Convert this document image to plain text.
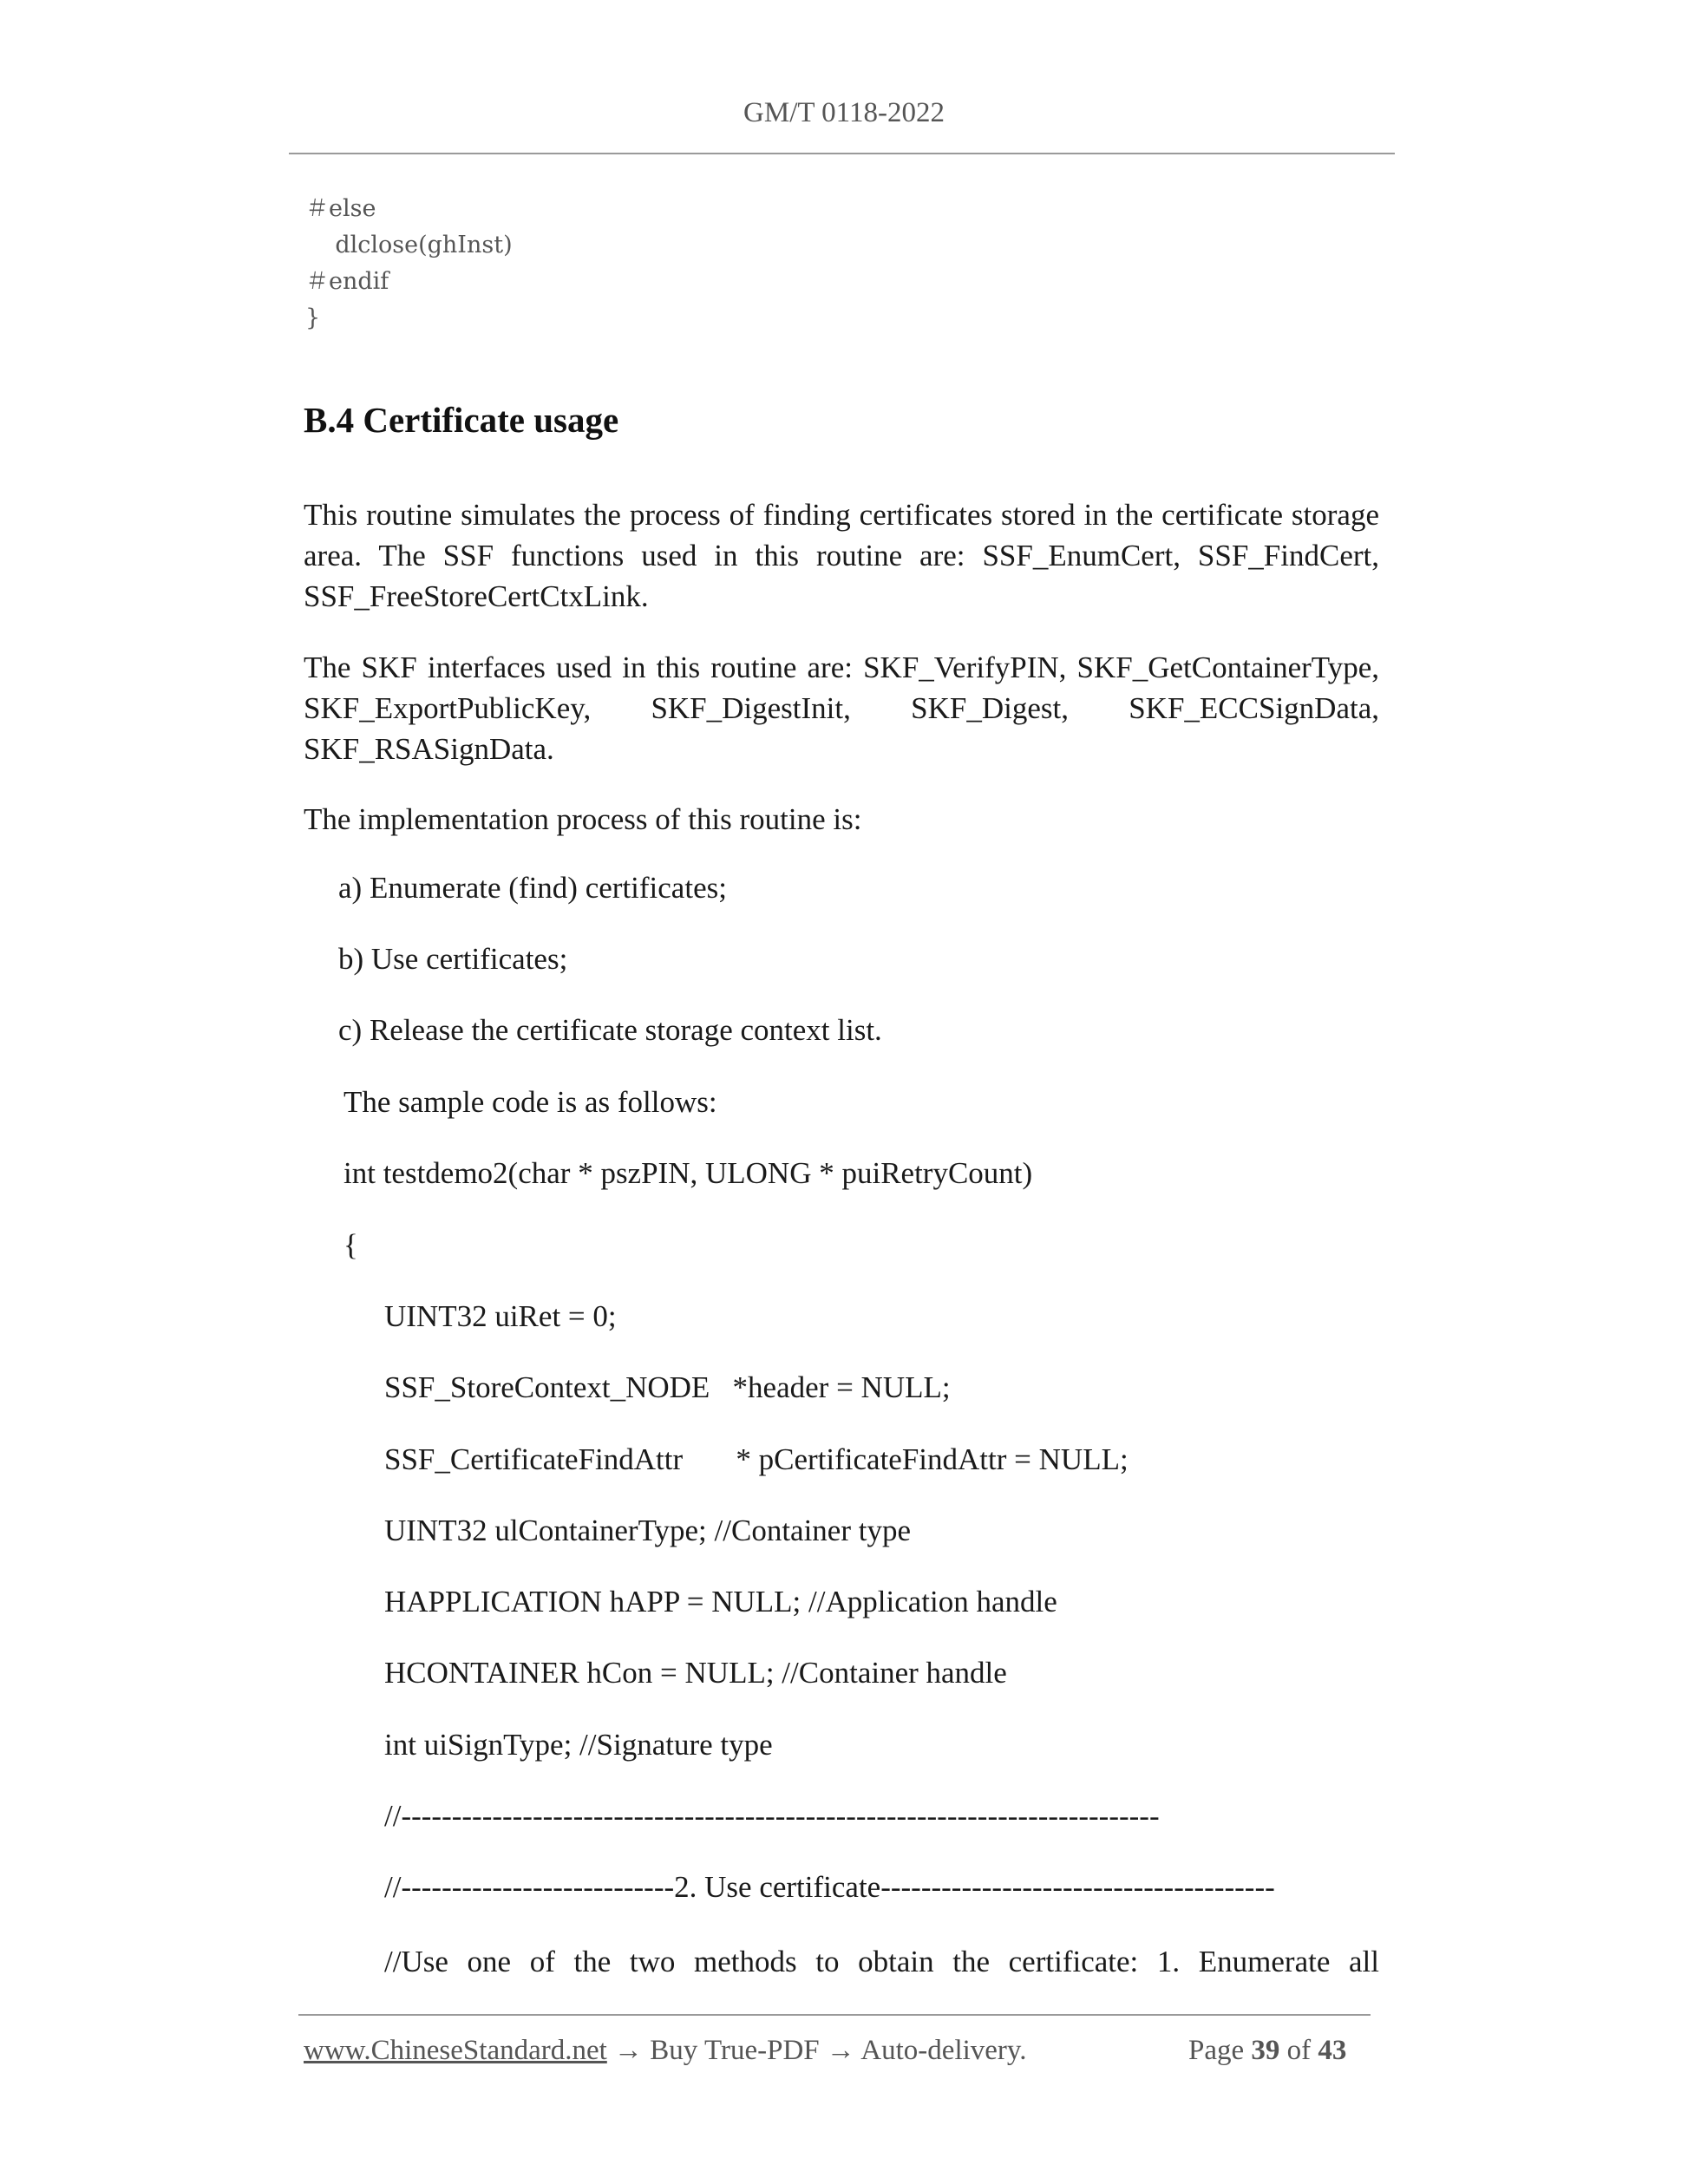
GM/T 0118-2022
＃else
dlclose(ghInst)
＃endif
}
B.4 Certificate usage
This routine simulates the process of finding certificates stored in the certificate storage area. The SSF functions used in this routine are: SSF_EnumCert, SSF_FindCert, SSF_FreeStoreCertCtxLink.
The SKF interfaces used in this routine are: SKF_VerifyPIN, SKF_GetContainerType, SKF_ExportPublicKey, SKF_DigestInit, SKF_Digest, SKF_ECCSignData, SKF_RSASignData.
The implementation process of this routine is:
a) Enumerate (find) certificates;
b) Use certificates;
c) Release the certificate storage context list.
The sample code is as follows:
int testdemo2(char * pszPIN, ULONG * puiRetryCount)
{
UINT32 uiRet = 0;
SSF_StoreContext_NODE   *header = NULL;
SSF_CertificateFindAttr       * pCertificateFindAttr = NULL;
UINT32 ulContainerType; //Container type
HAPPLICATION hAPP = NULL; //Application handle
HCONTAINER hCon = NULL; //Container handle
int uiSignType; //Signature type
//---------------------------------------------------------------------------
//---------------------------2. Use certificate---------------------------------------
//Use one of the two methods to obtain the certificate: 1. Enumerate all
www.ChineseStandard.net → Buy True-PDF → Auto-delivery.	Page 39 of 43
